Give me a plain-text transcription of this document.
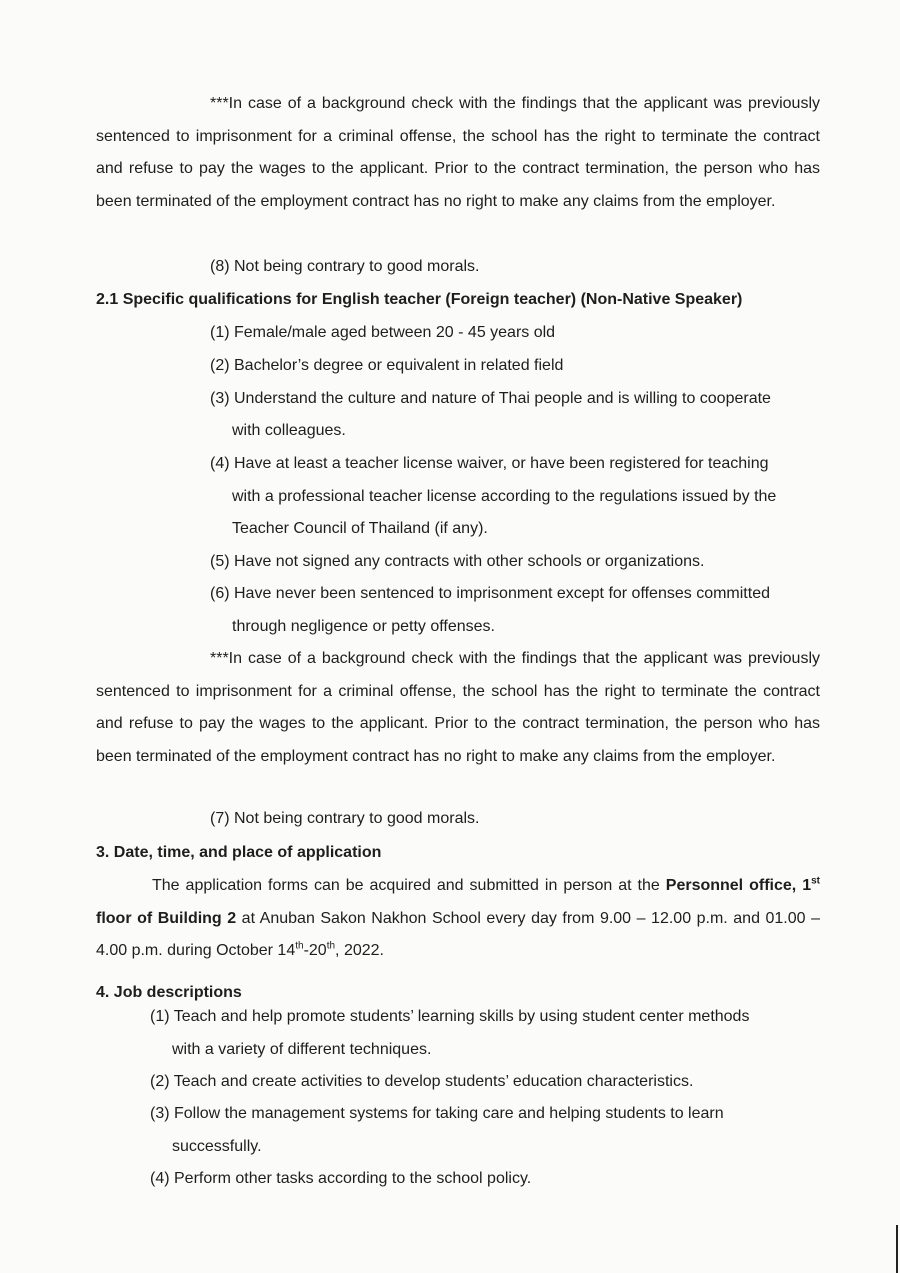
***In case of a background check with the findings that the applicant was previously sentenced to imprisonment for a criminal offense, the school has the right to terminate the contract and refuse to pay the wages to the applicant. Prior to the contract termination, the person who has been terminated of the employment contract has no right to make any claims from the employer.
(8) Not being contrary to good morals.
2.1 Specific qualifications for English teacher (Foreign teacher) (Non-Native Speaker)
(1) Female/male aged between 20 - 45 years old
(2) Bachelor’s degree or equivalent in related field
(3) Understand the culture and nature of Thai people and is willing to cooperate
with colleagues.
(4) Have at least a teacher license waiver, or have been registered for teaching
with a professional teacher license according to the regulations issued by the
Teacher Council of Thailand (if any).
(5) Have not signed any contracts with other schools or organizations.
(6) Have never been sentenced to imprisonment except for offenses committed
through negligence or petty offenses.
***In case of a background check with the findings that the applicant was previously sentenced to imprisonment for a criminal offense, the school has the right to terminate the contract and refuse to pay the wages to the applicant. Prior to the contract termination, the person who has been terminated of the employment contract has no right to make any claims from the employer.
(7) Not being contrary to good morals.
3. Date, time, and place of application
The application forms can be acquired and submitted in person at the Personnel office, 1st floor of Building 2 at Anuban Sakon Nakhon School every day from 9.00 – 12.00 p.m. and 01.00 – 4.00 p.m. during October 14th-20th, 2022.
4. Job descriptions
(1) Teach and help promote students’ learning skills by using student center methods
with a variety of different techniques.
(2) Teach and create activities to develop students’ education characteristics.
(3) Follow the management systems for taking care and helping students to learn
successfully.
(4) Perform other tasks according to the school policy.
